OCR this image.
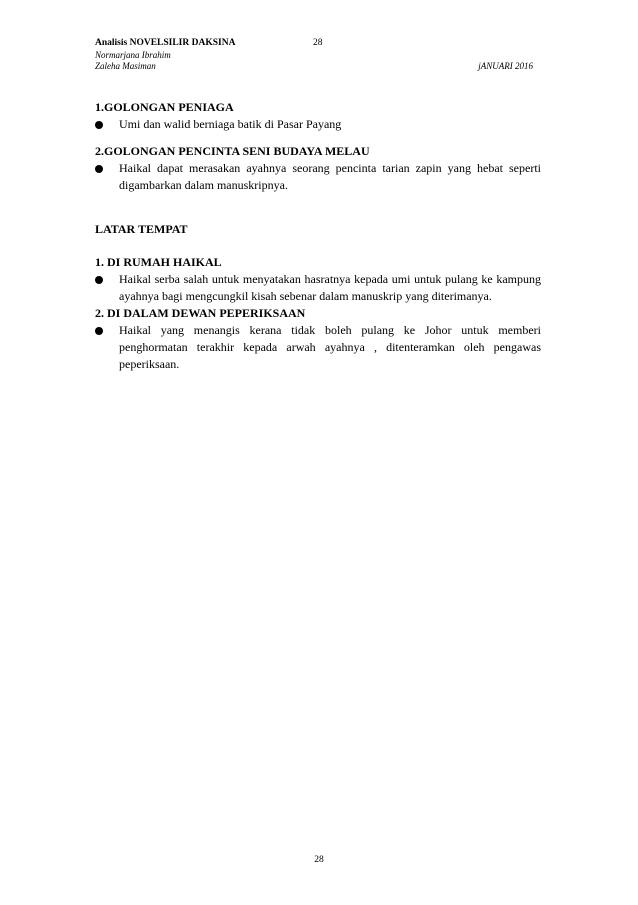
Analisis NOVELSILIR DAKSINA	28
Normarjana Ibrahim
Zaleha Masiman	jANUARI 2016
1.GOLONGAN PENIAGA
Umi dan walid berniaga batik di Pasar Payang
2.GOLONGAN PENCINTA SENI BUDAYA MELAU
Haikal dapat merasakan ayahnya seorang pencinta tarian zapin yang hebat seperti digambarkan dalam manuskripnya.
LATAR TEMPAT
1. DI RUMAH HAIKAL
Haikal serba salah untuk menyatakan hasratnya kepada umi untuk pulang ke kampung ayahnya bagi mengcungkil kisah sebenar dalam manuskrip yang diterimanya.
2. DI DALAM DEWAN PEPERIKSAAN
Haikal yang menangis kerana tidak boleh pulang ke Johor untuk memberi penghormatan terakhir kepada arwah ayahnya , ditenteramkan oleh pengawas peperiksaan.
28
